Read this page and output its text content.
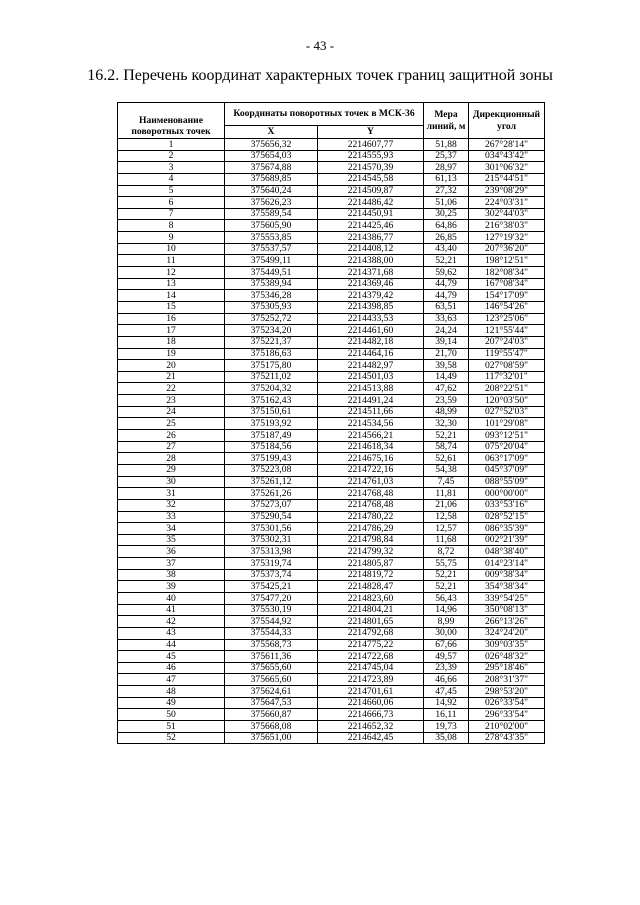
- 43 -
16.2. Перечень координат характерных точек границ защитной зоны
Наименование поворотных точек	Координаты поворотных точек в МСК-36		Мера линий, м	Дирекционный угол
	X	Y		
1	375656,32	2214607,77	51,88	267°28'14"
2	375654,03	2214555,93	25,37	034°43'42"
3	375674,88	2214570,39	28,97	301°06'32"
4	375689,85	2214545,58	61,13	215°44'51"
5	375640,24	2214509,87	27,32	239°08'29"
6	375626,23	2214486,42	51,06	224°03'31"
7	375589,54	2214450,91	30,25	302°44'03"
8	375605,90	2214425,46	64,86	216°38'03"
9	375553,85	2214386,77	26,85	127°19'32"
10	375537,57	2214408,12	43,40	207°36'20"
11	375499,11	2214388,00	52,21	198°12'51"
12	375449,51	2214371,68	59,62	182°08'34"
13	375389,94	2214369,46	44,79	167°08'34"
14	375346,28	2214379,42	44,79	154°17'09"
15	375305,93	2214398,85	63,51	146°54'26"
16	375252,72	2214433,53	33,63	123°25'06"
17	375234,20	2214461,60	24,24	121°55'44"
18	375221,37	2214482,18	39,14	207°24'03"
19	375186,63	2214464,16	21,70	119°55'47"
20	375175,80	2214482,97	39,58	027°08'59"
21	375211,02	2214501,03	14,49	117°32'01"
22	375204,32	2214513,88	47,62	208°22'51"
23	375162,43	2214491,24	23,59	120°03'50"
24	375150,61	2214511,66	48,99	027°52'03"
25	375193,92	2214534,56	32,30	101°29'08"
26	375187,49	2214566,21	52,21	093°12'51"
27	375184,56	2214618,34	58,74	075°20'04"
28	375199,43	2214675,16	52,61	063°17'09"
29	375223,08	2214722,16	54,38	045°37'09"
30	375261,12	2214761,03	7,45	088°55'09"
31	375261,26	2214768,48	11,81	000°00'00"
32	375273,07	2214768,48	21,06	033°53'16"
33	375290,54	2214780,22	12,58	028°52'15"
34	375301,56	2214786,29	12,57	086°35'39"
35	375302,31	2214798,84	11,68	002°21'39"
36	375313,98	2214799,32	8,72	048°38'40"
37	375319,74	2214805,87	55,75	014°23'14"
38	375373,74	2214819,72	52,21	009°38'34"
39	375425,21	2214828,47	52,21	354°38'34"
40	375477,20	2214823,60	56,43	339°54'25"
41	375530,19	2214804,21	14,96	350°08'13"
42	375544,92	2214801,65	8,99	266°13'26"
43	375544,33	2214792,68	30,00	324°24'20"
44	375568,73	2214775,22	67,66	309°03'35"
45	375611,36	2214722,68	49,57	026°48'32"
46	375655,60	2214745,04	23,39	295°18'46"
47	375665,60	2214723,89	46,66	208°31'37"
48	375624,61	2214701,61	47,45	298°53'20"
49	375647,53	2214660,06	14,92	026°33'54"
50	375660,87	2214666,73	16,11	296°33'54"
51	375668,08	2214652,32	19,73	210°02'00"
52	375651,00	2214642,45	35,08	278°43'35"
